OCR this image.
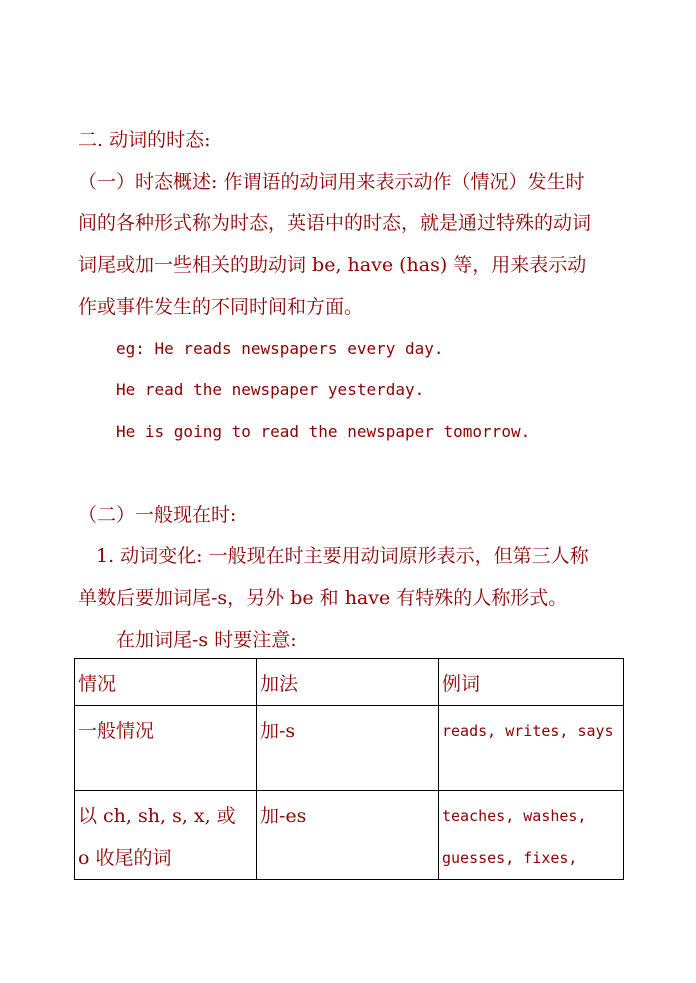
二. 动词的时态:
（一）时态概述: 作谓语的动词用来表示动作（情况）发生时
间的各种形式称为时态，英语中的时态，就是通过特殊的动词
词尾或加一些相关的助动词 be, have (has) 等，用来表示动
作或事件发生的不同时间和方面。
eg: He reads newspapers every day.
He read the newspaper yesterday.
He is going to read the newspaper tomorrow.
（二）一般现在时:
1. 动词变化: 一般现在时主要用动词原形表示，但第三人称
单数后要加词尾-s，另外 be 和 have 有特殊的人称形式。
在加词尾-s 时要注意:
情况	加法	例词
一般情况	加-s	reads, writes, says
以 ch, sh, s, x, 或 o 收尾的词	加-es	teaches, washes, guesses, fixes,
